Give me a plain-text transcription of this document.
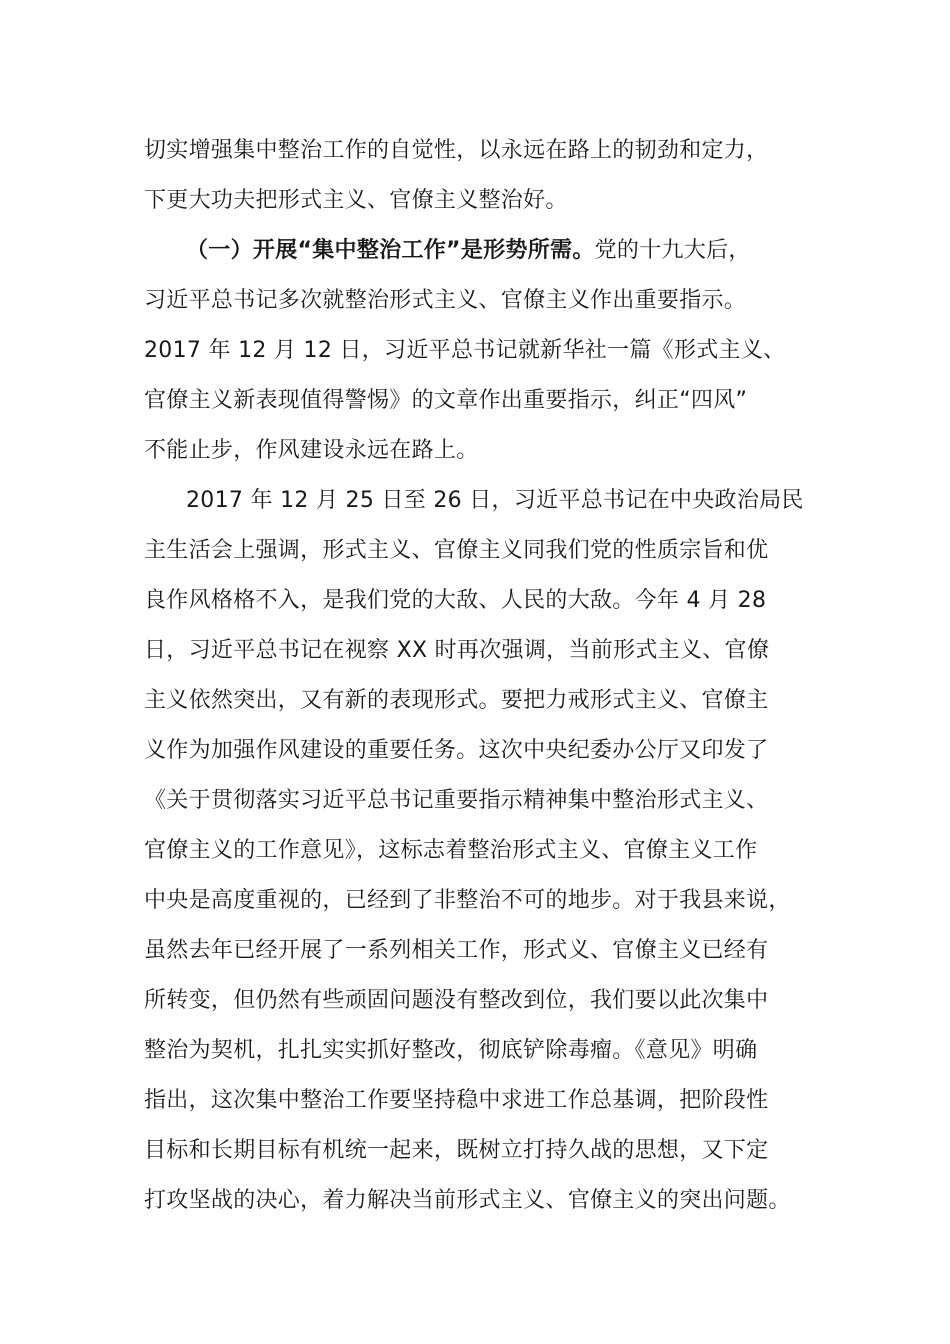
切实增强集中整治工作的自觉性，以永远在路上的韧劲和定力，
下更大功夫把形式主义、官僚主义整治好。
（一）开展“集中整治工作”是形势所需。党的十九大后，
习近平总书记多次就整治形式主义、官僚主义作出重要指示。
2017 年 12 月 12 日，习近平总书记就新华社一篇《形式主义、
官僚主义新表现值得警惕》的文章作出重要指示，纠正“四风”
不能止步，作风建设永远在路上。
2017 年 12 月 25 日至 26 日，习近平总书记在中央政治局民
主生活会上强调，形式主义、官僚主义同我们党的性质宗旨和优
良作风格格不入，是我们党的大敌、人民的大敌。今年 4 月 28
日，习近平总书记在视察 XX 时再次强调，当前形式主义、官僚
主义依然突出，又有新的表现形式。要把力戒形式主义、官僚主
义作为加强作风建设的重要任务。这次中央纪委办公厅又印发了
《关于贯彻落实习近平总书记重要指示精神集中整治形式主义、
官僚主义的工作意见》，这标志着整治形式主义、官僚主义工作
中央是高度重视的，已经到了非整治不可的地步。对于我县来说，
虽然去年已经开展了一系列相关工作，形式义、官僚主义已经有
所转变，但仍然有些顽固问题没有整改到位，我们要以此次集中
整治为契机，扎扎实实抓好整改，彻底铲除毒瘤。《意见》明确
指出，这次集中整治工作要坚持稳中求进工作总基调，把阶段性
目标和长期目标有机统一起来，既树立打持久战的思想，又下定
打攻坚战的决心，着力解决当前形式主义、官僚主义的突出问题。
